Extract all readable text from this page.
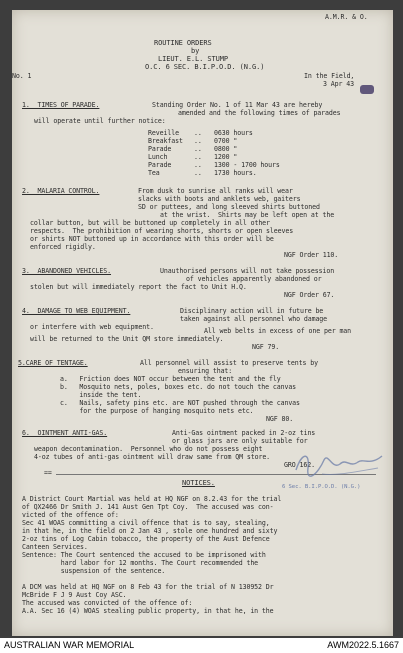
A.M.R. & O.
ROUTINE ORDERS
by
LIEUT. E.L. STUMP
O.C. 6 SEC. B.I.P.O.D. (N.G.)
No. 1	In the Field,
3 Apr 43
1.  TIMES OF PARADE.	Standing Order No. 1 of 11 Mar 43 are hereby
amended and the following times of parades
will operate until further notice:
Reveille .. 0630 hours
Breakfast .. 0700 "
Parade	.. 0800 "
Lunch	.. 1200 "
Parade	.. 1300 - 1700 hours
Tea	.. 1730 hours.
2.  MALARIA CONTROL.	From dusk to sunrise all ranks will wear
slacks with boots and anklets web, gaiters
SD or puttees, and long sleeved shirts buttoned
at the wrist.  Shirts may be left open at the
collar button, but will be buttoned up completely in all other
respects.  The prohibition of wearing shorts, shorts or open sleeves
or shirts NOT buttoned up in accordance with this order will be
enforced rigidly.
NGF Order 110.
3.  ABANDONED VEHICLES.	Unauthorised persons will not take possession
of vehicles apparently abandoned or
stolen but will immediately report the fact to Unit H.Q.
NGF Order 67.
4.  DAMAGE TO WEB EQUIPMENT.	Disciplinary action will in future be
taken against all personnel who damage
or interfere with web equipment.	All web belts in excess of one per man
will be returned to the Unit QM store immediately.
NGF 79.
5.CARE OF TENTAGE.	All personnel will assist to preserve tents by
ensuring that:
a.   Friction does NOT occur between the tent and the fly
b.   Mosquito nets, poles, boxes etc. do not touch the canvas
inside the tent.
c.   Nails, safety pins etc. are NOT pushed through the canvas
for the purpose of hanging mosquito nets etc.
NGF 80.
6.  OINTMENT ANTI-GAS.	Anti-Gas ointment packed in 2-oz tins
or glass jars are only suitable for
weapon decontamination.  Personnel who do not possess eight
4-oz tubes of anti-gas ointment will draw same from QM store.
GRO 162.
==
NOTICES.	6 Sec. B.I.P.O.D. (N.G.)
A District Court Martial was held at HQ NGF on 8.2.43 for the trial
of QX2466 Dr Smith J. 141 Aust Gen Tpt Coy.  The accused was con-
victed of the offence of:
Sec 41 WOAS committing a civil offence that is to say, stealing,
in that he, in the field on 2 Jan 43 , stole one hundred and sixty
2-oz tins of Log Cabin tobacco, the property of the Aust Defence
Canteen Services.
Sentence: The Court sentenced the accused to be imprisoned with
hard labor for 12 months. The Court recommended the
suspension of the sentence.
A DCM was held at HQ NGF on 8 Feb 43 for the trial of N 130952 Dr
McBride F J 9 Aust Coy ASC.
The accused was convicted of the offence of:
A.A. Sec 16 (4) WOAS stealing public property, in that he, in the
AUSTRALIAN WAR MEMORIAL	AWM2022.5.1667
